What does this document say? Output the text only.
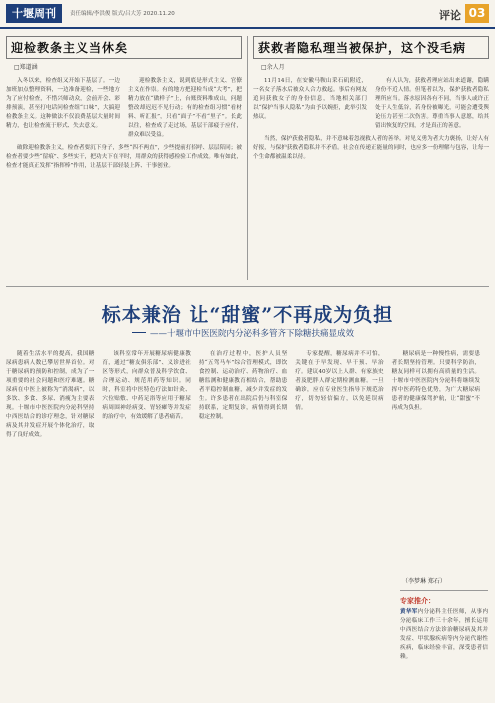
十堰周刊	责任编辑/李洪俊 版式/吕大芳 2020.11.20	评论 03
迎检教条主义当休矣
□郑道涵

入冬以来，检查组又开始下基层了。一边加班加点整理资料，一边准备迎检，一些地方为了应付检查，不惜兴师动众，会前开会、彩排预演，甚至打电话问检查组“口味”，大搞迎检教条主义。这种做法不仅浪费基层大量时间精力，也让检查流于形式、失去意义。

迎检教条主义，说到底是形式主义、官僚主义在作祟。有的地方把迎检当成“大考”，把精力放在“做样子”上，台账资料堆成山，问题整改却迟迟不见行动；有的检查组习惯“看材料、听汇报”，只看“面子”不看“里子”。长此以往，检查成了走过场，基层干部疲于应付，群众难以受益。

破除迎检教条主义，检查者要沉下身子，多些“四不两直”，少些提前打招呼、层层陪同；被检查者要少些“留痕”、多些实干，把功夫下在平时，用群众的获得感检验工作成效。唯有如此，检查才能真正发挥“指挥棒”作用，让基层干部轻装上阵、干事创业。

获救者隐私理当被保护，这个没毛病
□余人月

11月14日，在安徽马鞍山采石矶附近，一名女子落水后被众人合力救起。事后有网友追问获救女子的身份信息，当地相关部门以“保护当事人隐私”为由予以婉拒，此举引发热议。

有人认为，获救者理应站出来道谢，隐瞒身份不近人情。但笔者以为，保护获救者隐私理所应当。落水原因各有不同，当事人或许正处于人生低谷，若身份被曝光，可能会遭受舆论压力甚至二次伤害。尊重当事人意愿，给其留出恢复的空间，才是真正的善意。

当然，保护获救者隐私，并不意味着忽视救人者的善举。对见义勇为者大力褒扬，让好人有好报，与保护获救者隐私并不矛盾。社会在传递正能量的同时，也应多一份理解与包容，让每一个生命都被温柔以待。

标本兼治 让“甜蜜”不再成为负担
——十堰市中医医院内分泌科多管齐下除糖扶痛显成效

随着生活水平的提高，我国糖尿病患病人数已攀居世界首位。对于糖尿病的预防和控制，成为了一项重要的社会问题和医疗难题。糖尿病在中医上被称为“消渴病”，以多饮、多食、多尿、消瘦为主要表现。十堰市中医医院内分泌科坚持中西医结合的诊疗理念，针对糖尿病及其并发症开展个体化治疗，取得了良好成效。

该科室常年开展糖尿病健康教育，通过“糖友俱乐部”、义诊进社区等形式，向群众普及科学饮食、合理运动、规范用药等知识。同时，科室将中医特色疗法如针灸、穴位贴敷、中药足浴等应用于糖尿病周围神经病变、胃轻瘫等并发症的治疗中，有效缓解了患者痛苦。

在治疗过程中，医护人员坚持“五驾马车”综合管理模式，即饮食控制、运动治疗、药物治疗、血糖监测和健康教育相结合，帮助患者平稳控制血糖，减少并发症的发生。许多患者在出院后仍与科室保持联系，定期复诊，病情得到长期稳定控制。

专家提醒，糖尿病并不可怕，关键在于早发现、早干预、早治疗。建议40岁以上人群、有家族史者及肥胖人群定期检测血糖。一旦确诊，应在专业医生指导下规范治疗，切勿轻信偏方，以免延误病情。

糖尿病是一种慢性病，需要患者长期坚持管理。只要科学防治，糖友同样可以拥有高质量的生活。十堰市中医医院内分泌科将继续发挥中医药特色优势，为广大糖尿病患者的健康保驾护航，让“甜蜜”不再成为负担。

（李梦琳 郑石）
专家推介：
黄华军内分泌科主任医师，从事内分泌临床工作三十余年，擅长运用中西医结合方法诊治糖尿病及其并发症、甲状腺疾病等内分泌代谢性疾病，临床经验丰富，深受患者信赖。
